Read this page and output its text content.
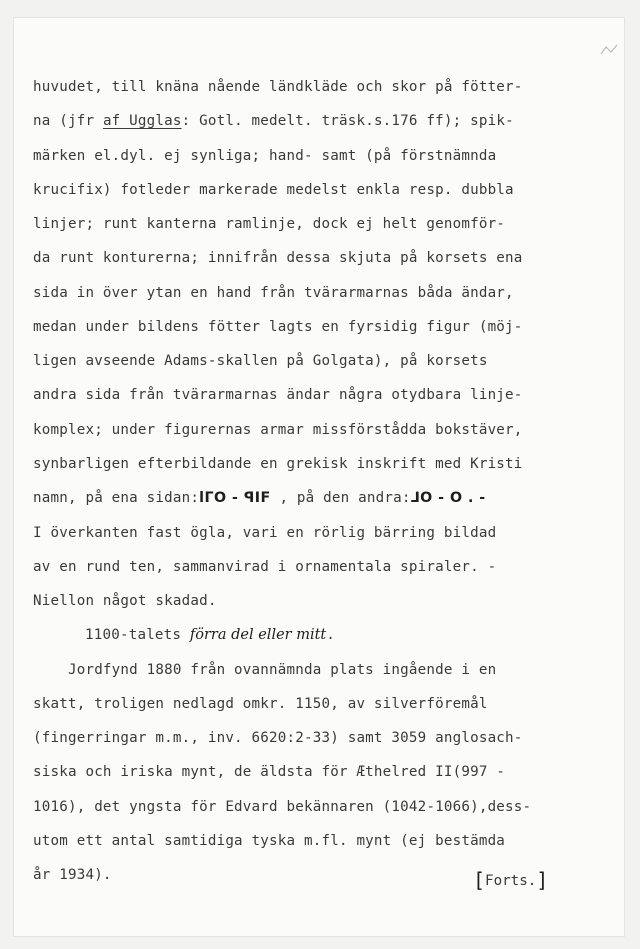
huvudet, till knäna nående ländkläde och skor på fötter-
na (jfr af Ugglas: Gotl. medelt. träsk.s.176 ff); spik-
märken el.dyl. ej synliga; hand- samt (på förstnämnda
krucifix) fotleder markerade medelst enkla resp. dubbla
linjer; runt kanterna ramlinje, dock ej helt genomför-
da runt konturerna; innifrån dessa skjuta på korsets ena
sida in över ytan en hand från tvärarmarnas båda ändar,
medan under bildens fötter lagts en fyrsidig figur (möj-
ligen avseende Adams-skallen på Golgata), på korsets
andra sida från tvärarmarnas ändar några otydbara linje-
komplex; under figurernas armar missförstådda bokstäver,
synbarligen efterbildande en grekisk inskrift med Kristi
namn, på ena sidan:lΓO - ꟼIF , på den andra:⅃O - O . -
I överkanten fast ögla, vari en rörlig bärring bildad
av en rund ten, sammanvirad i ornamentala spiraler. -
Niellon något skadad.
1100-talets förra del eller mitt.
Jordfynd 1880 från ovannämnda plats ingående i en
skatt, troligen nedlagd omkr. 1150, av silverföremål
(fingerringar m.m., inv. 6620:2-33) samt 3059 anglosach-
siska och iriska mynt, de äldsta för Æthelred II(997 -
1016), det yngsta för Edvard bekännaren (1042-1066),dess-
utom ett antal samtidiga tyska m.fl. mynt (ej bestämda
år 1934).	[Forts.]
